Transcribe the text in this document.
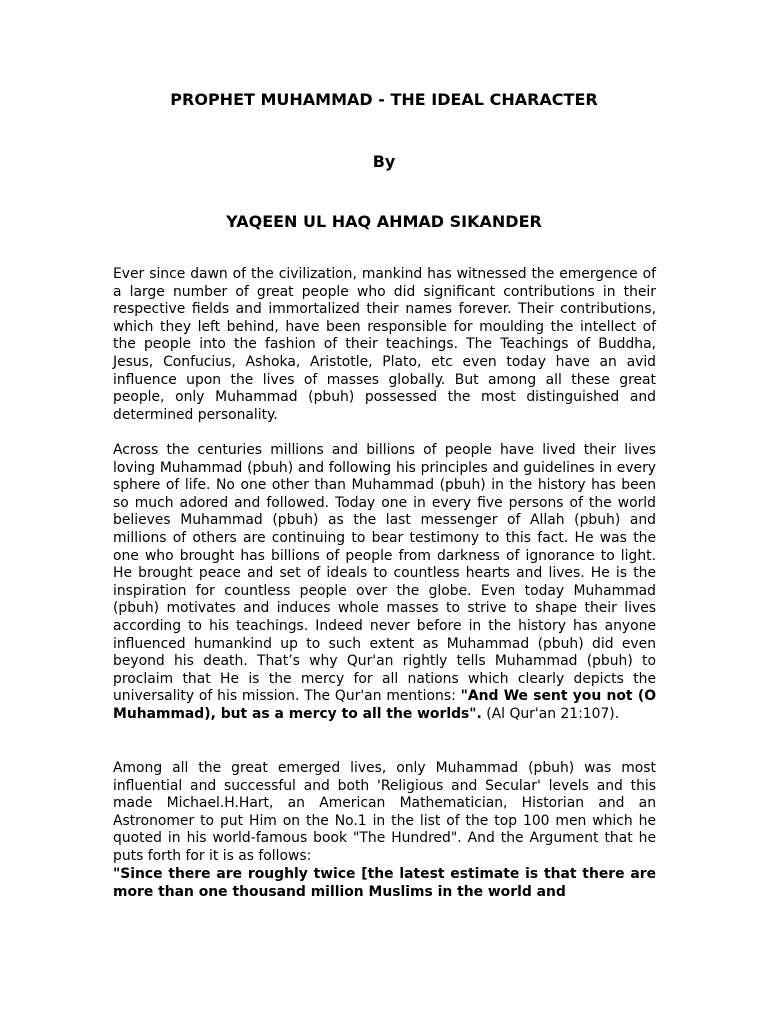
PROPHET MUHAMMAD - THE IDEAL CHARACTER
By
YAQEEN UL HAQ AHMAD SIKANDER

Ever since dawn of the civilization, mankind has witnessed the emergence of a large number of great people who did significant contributions in their respective fields and immortalized their names forever. Their contributions, which they left behind, have been responsible for moulding the intellect of the people into the fashion of their teachings. The Teachings of Buddha, Jesus, Confucius, Ashoka, Aristotle, Plato, etc even today have an avid influence upon the lives of masses globally. But among all these great people, only Muhammad (pbuh) possessed the most distinguished and determined personality.

Across the centuries millions and billions of people have lived their lives loving Muhammad (pbuh) and following his principles and guidelines in every sphere of life. No one other than Muhammad (pbuh) in the history has been so much adored and followed. Today one in every five persons of the world believes Muhammad (pbuh) as the last messenger of Allah (pbuh) and millions of others are continuing to bear testimony to this fact. He was the one who brought has billions of people from darkness of ignorance to light. He brought peace and set of ideals to countless hearts and lives. He is the inspiration for countless people over the globe. Even today Muhammad (pbuh) motivates and induces whole masses to strive to shape their lives according to his teachings. Indeed never before in the history has anyone influenced humankind up to such extent as Muhammad (pbuh) did even beyond his death. That’s why Qur'an rightly tells Muhammad (pbuh) to proclaim that He is the mercy for all nations which clearly depicts the universality of his mission. The Qur'an mentions: "And We sent you not (O Muhammad), but as a mercy to all the worlds". (Al Qur'an 21:107).

Among all the great emerged lives, only Muhammad (pbuh) was most influential and successful and both 'Religious and Secular' levels and this made Michael.H.Hart, an American Mathematician, Historian and an Astronomer to put Him on the No.1 in the list of the top 100 men which he quoted in his world-famous book "The Hundred". And the Argument that he puts forth for it is as follows:

"Since there are roughly twice [the latest estimate is that there are more than one thousand million Muslims in the world and
